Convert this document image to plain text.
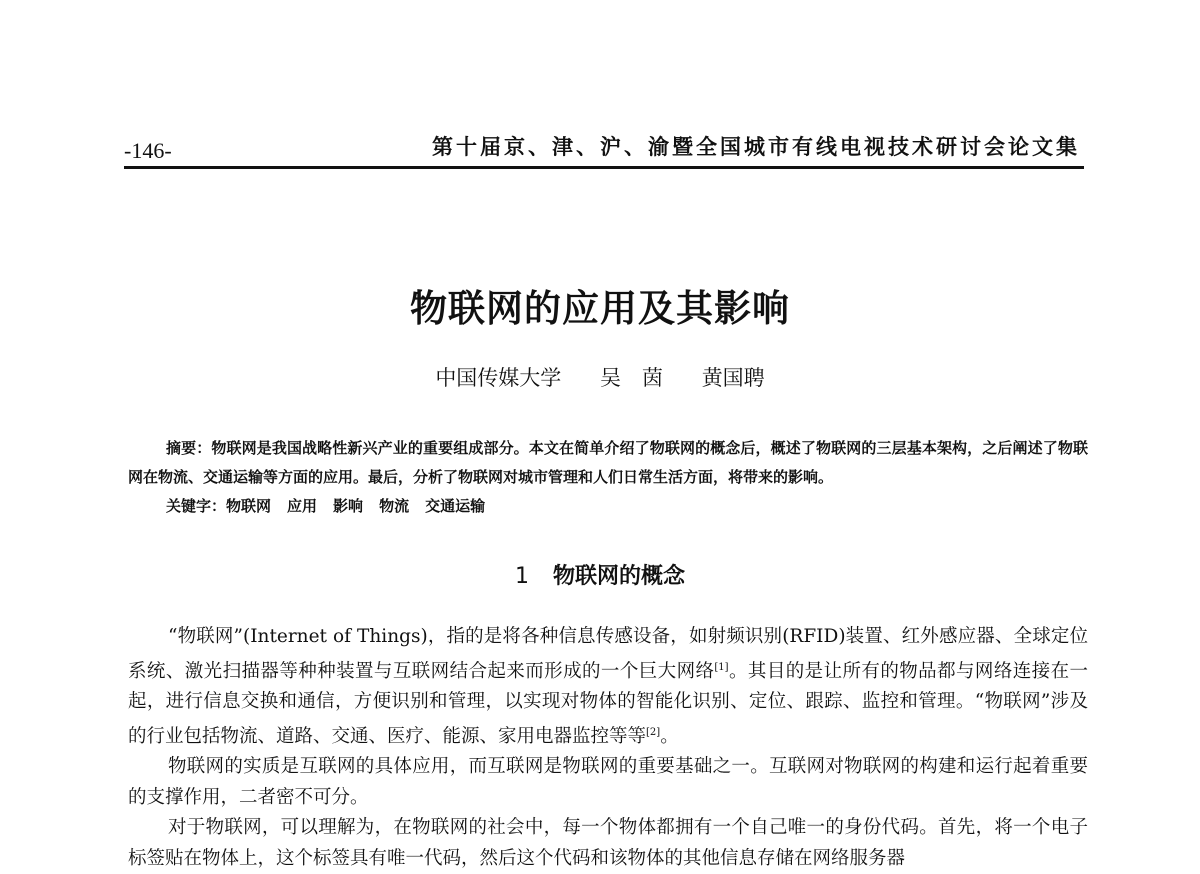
-146-	第十届京、津、沪、渝暨全国城市有线电视技术研讨会论文集
物联网的应用及其影响
中国传媒大学 吴　茵 黄国聘
摘要：物联网是我国战略性新兴产业的重要组成部分。本文在简单介绍了物联网的概念后，概述了物联网的三层基本架构，之后阐述了物联网在物流、交通运输等方面的应用。最后，分析了物联网对城市管理和人们日常生活方面，将带来的影响。
关键字：物联网 应用 影响 物流 交通运输
1 物联网的概念

“物联网”(Internet of Things)，指的是将各种信息传感设备，如射频识别(RFID)装置、红外感应器、全球定位系统、激光扫描器等种种装置与互联网结合起来而形成的一个巨大网络[1]。其目的是让所有的物品都与网络连接在一起，进行信息交换和通信，方便识别和管理，以实现对物体的智能化识别、定位、跟踪、监控和管理。“物联网”涉及的行业包括物流、道路、交通、医疗、能源、家用电器监控等等[2]。

物联网的实质是互联网的具体应用，而互联网是物联网的重要基础之一。互联网对物联网的构建和运行起着重要的支撑作用，二者密不可分。

对于物联网，可以理解为，在物联网的社会中，每一个物体都拥有一个自己唯一的身份代码。首先，将一个电子标签贴在物体上，这个标签具有唯一代码，然后这个代码和该物体的其他信息存储在网络服务器
